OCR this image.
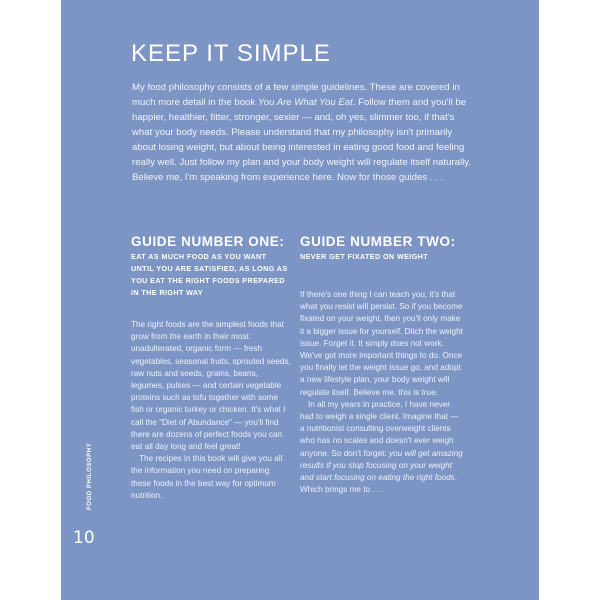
KEEP IT SIMPLE
My food philosophy consists of a few simple guidelines. These are covered in much more detail in the book You Are What You Eat. Follow them and you'll be happier, healthier, fitter, stronger, sexier — and, oh yes, slimmer too, if that's what your body needs. Please understand that my philosophy isn't primarily about losing weight, but about being interested in eating good food and feeling really well. Just follow my plan and your body weight will regulate itself naturally. Believe me, I'm speaking from experience here. Now for those guides . . .
GUIDE NUMBER ONE:
EAT AS MUCH FOOD AS YOU WANT UNTIL YOU ARE SATISFIED, AS LONG AS YOU EAT THE RIGHT FOODS PREPARED IN THE RIGHT WAY

The right foods are the simplest foods that grow from the earth in their most unadulterated, organic form — fresh vegetables, seasonal fruits, sprouted seeds, raw nuts and seeds, grains, beans, legumes, pulses — and certain vegetable proteins such as tofu together with some fish or organic turkey or chicken. It's what I call the "Diet of Abundance" — you'll find there are dozens of perfect foods you can eat all day long and feel great!

The recipes in this book will give you all the information you need on preparing these foods in the best way for optimum nutrition.

GUIDE NUMBER TWO:
NEVER GET FIXATED ON WEIGHT

If there's one thing I can teach you, it's that what you resist will persist. So if you become fixated on your weight, then you'll only make it a bigger issue for yourself. Ditch the weight issue. Forget it. It simply does not work. We've got more important things to do. Once you finally let the weight issue go, and adopt a new lifestyle plan, your body weight will regulate itself. Believe me, this is true.

In all my years in practice, I have never had to weigh a single client. Imagine that — a nutritionist consulting overweight clients who has no scales and doesn't ever weigh anyone. So don't forget: you will get amazing results if you stop focusing on your weight and start focusing on eating the right foods. Which brings me to . . .

FOOD PHILOSOPHY
10
